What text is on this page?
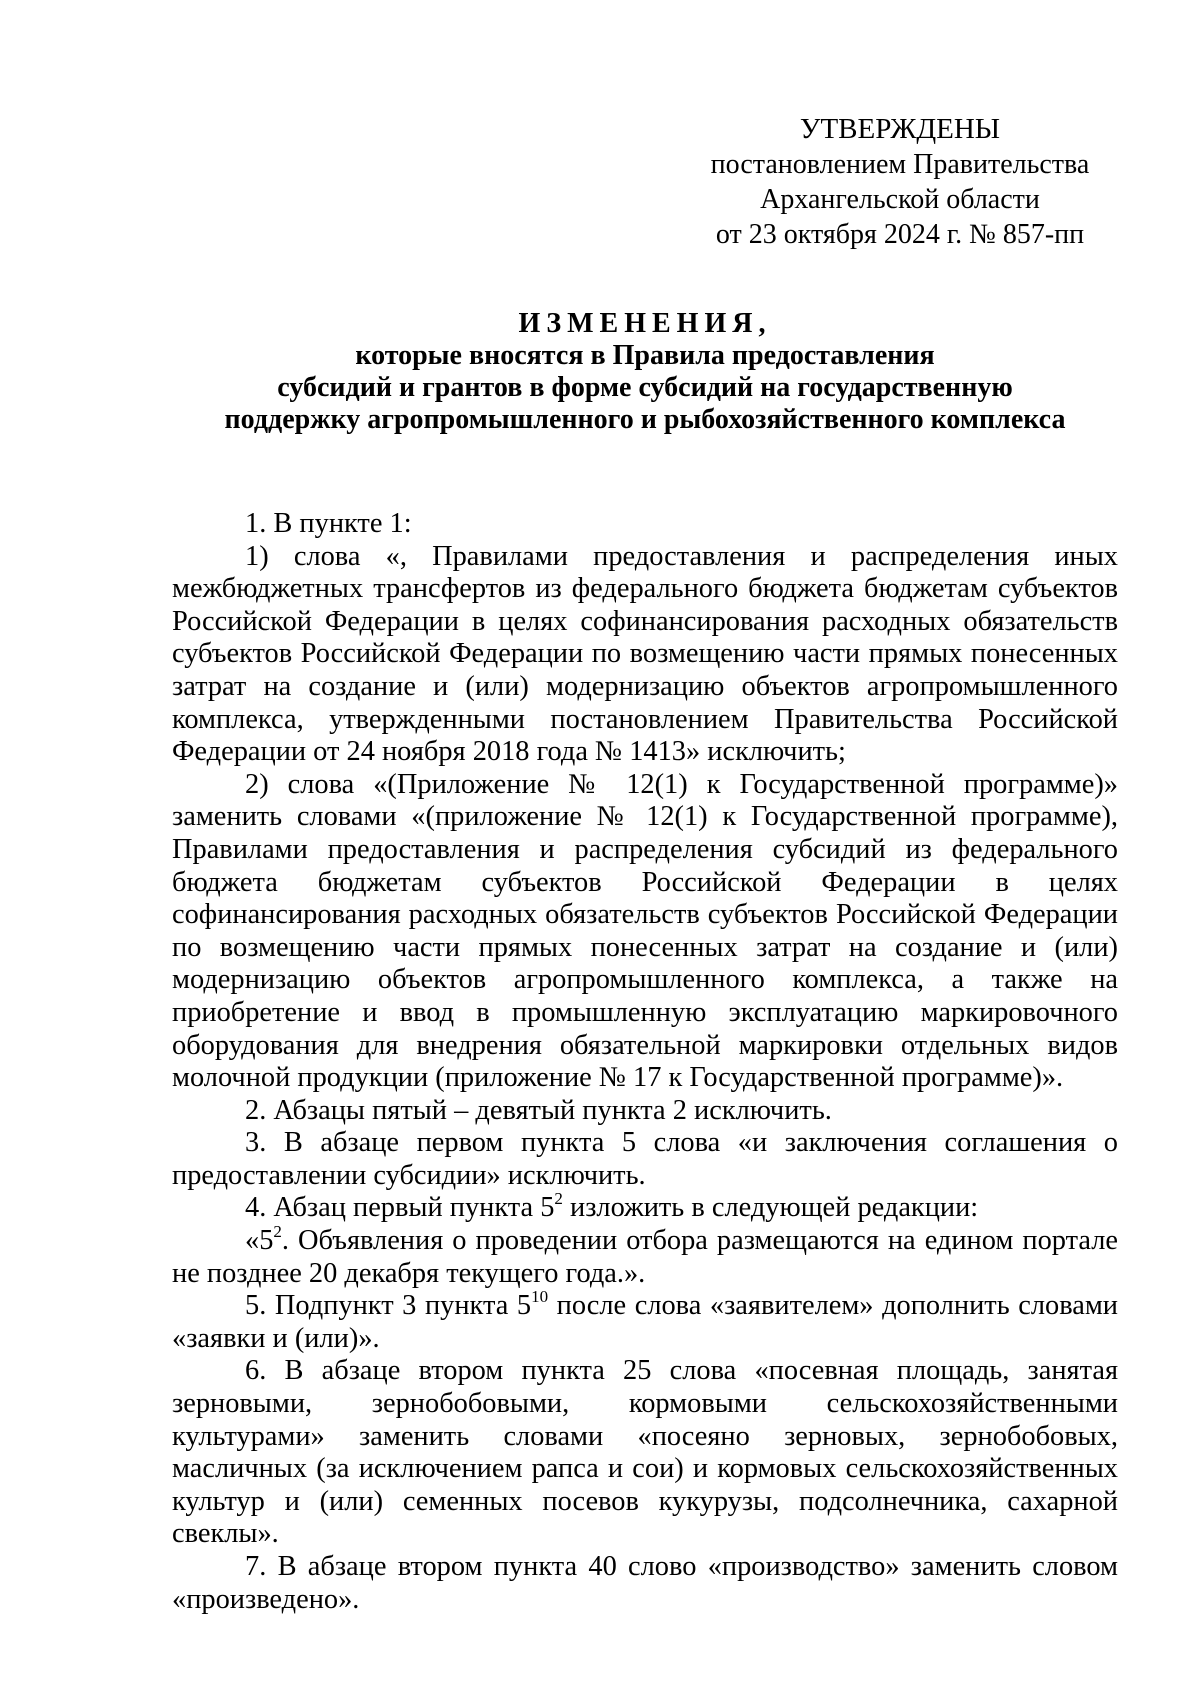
УТВЕРЖДЕНЫ
постановлением Правительства
Архангельской области
от 23 октября 2024 г. № 857-пп
ИЗМЕНЕНИЯ,
которые вносятся в Правила предоставления
субсидий и грантов в форме субсидий на государственную
поддержку агропромышленного и рыбохозяйственного комплекса

1. В пункте 1:

1) слова «, Правилами предоставления и распределения иных межбюджетных трансфертов из федерального бюджета бюджетам субъектов Российской Федерации в целях софинансирования расходных обязательств субъектов Российской Федерации по возмещению части прямых понесенных затрат на создание и (или) модернизацию объектов агропромышленного комплекса, утвержденными постановлением Правительства Российской Федерации от 24 ноября 2018 года № 1413» исключить;

2) слова «(Приложение № 12(1) к Государственной программе)» заменить словами «(приложение № 12(1) к Государственной программе), Правилами предоставления и распределения субсидий из федерального бюджета бюджетам субъектов Российской Федерации в целях софинансирования расходных обязательств субъектов Российской Федерации по возмещению части прямых понесенных затрат на создание и (или) модернизацию объектов агропромышленного комплекса, а также на приобретение и ввод в промышленную эксплуатацию маркировочного оборудования для внедрения обязательной маркировки отдельных видов молочной продукции (приложение № 17 к Государственной программе)».

2. Абзацы пятый – девятый пункта 2 исключить.

3. В абзаце первом пункта 5 слова «и заключения соглашения о предоставлении субсидии» исключить.

4. Абзац первый пункта $5^2$ изложить в следующей редакции:

«$5^2$. Объявления о проведении отбора размещаются на едином портале не позднее 20 декабря текущего года.».

5. Подпункт 3 пункта $5^{10}$ после слова «заявителем» дополнить словами «заявки и (или)».

6. В абзаце втором пункта 25 слова «посевная площадь, занятая зерновыми, зернобобовыми, кормовыми сельскохозяйственными культурами» заменить словами «посеяно зерновых, зернобобовых, масличных (за исключением рапса и сои) и кормовых сельскохозяйственных культур и (или) семенных посевов кукурузы, подсолнечника, сахарной свеклы».

7. В абзаце втором пункта 40 слово «производство» заменить словом «произведено».
